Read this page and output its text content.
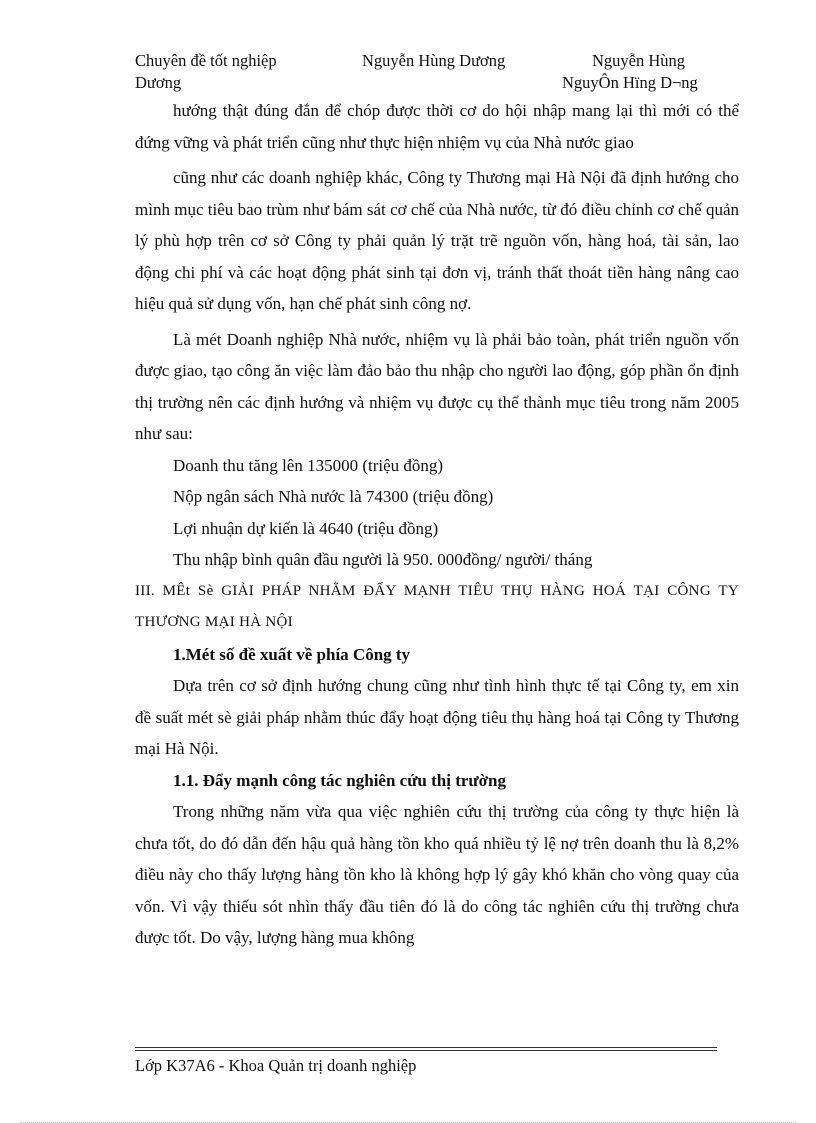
Chuyên đề tốt nghiệp
Dương
Nguyễn Hùng Dương	Nguyễn Hùng
NguyÔn Hïng D¬ng

hướng thật đúng đắn để chóp được thời cơ do hội nhập mang lại thì mới có thể đứng vững và phát triển cũng như thực hiện nhiệm vụ của Nhà nước giao

cũng như các doanh nghiệp khác, Công ty Thương mại Hà Nội đã định hướng cho mình mục tiêu bao trùm như bám sát cơ chế của Nhà nước, từ đó điều chỉnh cơ chế quản lý phù hợp trên cơ sở Công ty phải quản lý trặt trẽ nguồn vốn, hàng hoá, tài sản, lao động chi phí và các hoạt động phát sinh tại đơn vị, tránh thất thoát tiền hàng nâng cao hiệu quả sử dụng vốn, hạn chế phát sinh công nợ.

Là mét Doanh nghiệp Nhà nước, nhiệm vụ là phải bảo toàn, phát triển nguồn vốn được giao, tạo công ăn việc làm đảo bảo thu nhập cho người lao động, góp phần ổn định thị trường nên các định hướng và nhiệm vụ được cụ thể thành mục tiêu trong năm 2005 như sau:

Doanh thu tăng lên 135000 (triệu đồng)

Nộp ngân sách Nhà nước là 74300 (triệu đồng)

Lợi nhuận dự kiến là 4640 (triệu đồng)

Thu nhập bình quân đầu người là 950. 000đồng/ người/ tháng

III. MÊt Sè GIẢI PHÁP NHẰM ĐẨY MẠNH TIÊU THỤ HÀNG HOÁ TẠI CÔNG TY THƯƠNG MẠI HÀ NỘI

1.Mét số đề xuất về phía Công ty

Dựa trên cơ sở định hướng chung cũng như tình hình thực tế tại Công ty, em xin đề suất mét sè giải pháp nhằm thúc đẩy hoạt động tiêu thụ hàng hoá tại Công ty Thương mại Hà Nội.

1.1. Đẩy mạnh công tác nghiên cứu thị trường

Trong những năm vừa qua việc nghiên cứu thị trường của công ty thực hiện là chưa tốt, do đó dẫn đến hậu quả hàng tồn kho quá nhiều tỷ lệ nợ trên doanh thu là 8,2% điều này cho thấy lượng hàng tồn kho là không hợp lý gây khó khăn cho vòng quay của vốn. Vì vậy thiếu sót nhìn thấy đầu tiên đó là do công tác nghiên cứu thị trường chưa được tốt. Do vậy, lượng hàng mua không

Lớp K37A6 - Khoa Quản trị doanh nghiệp
